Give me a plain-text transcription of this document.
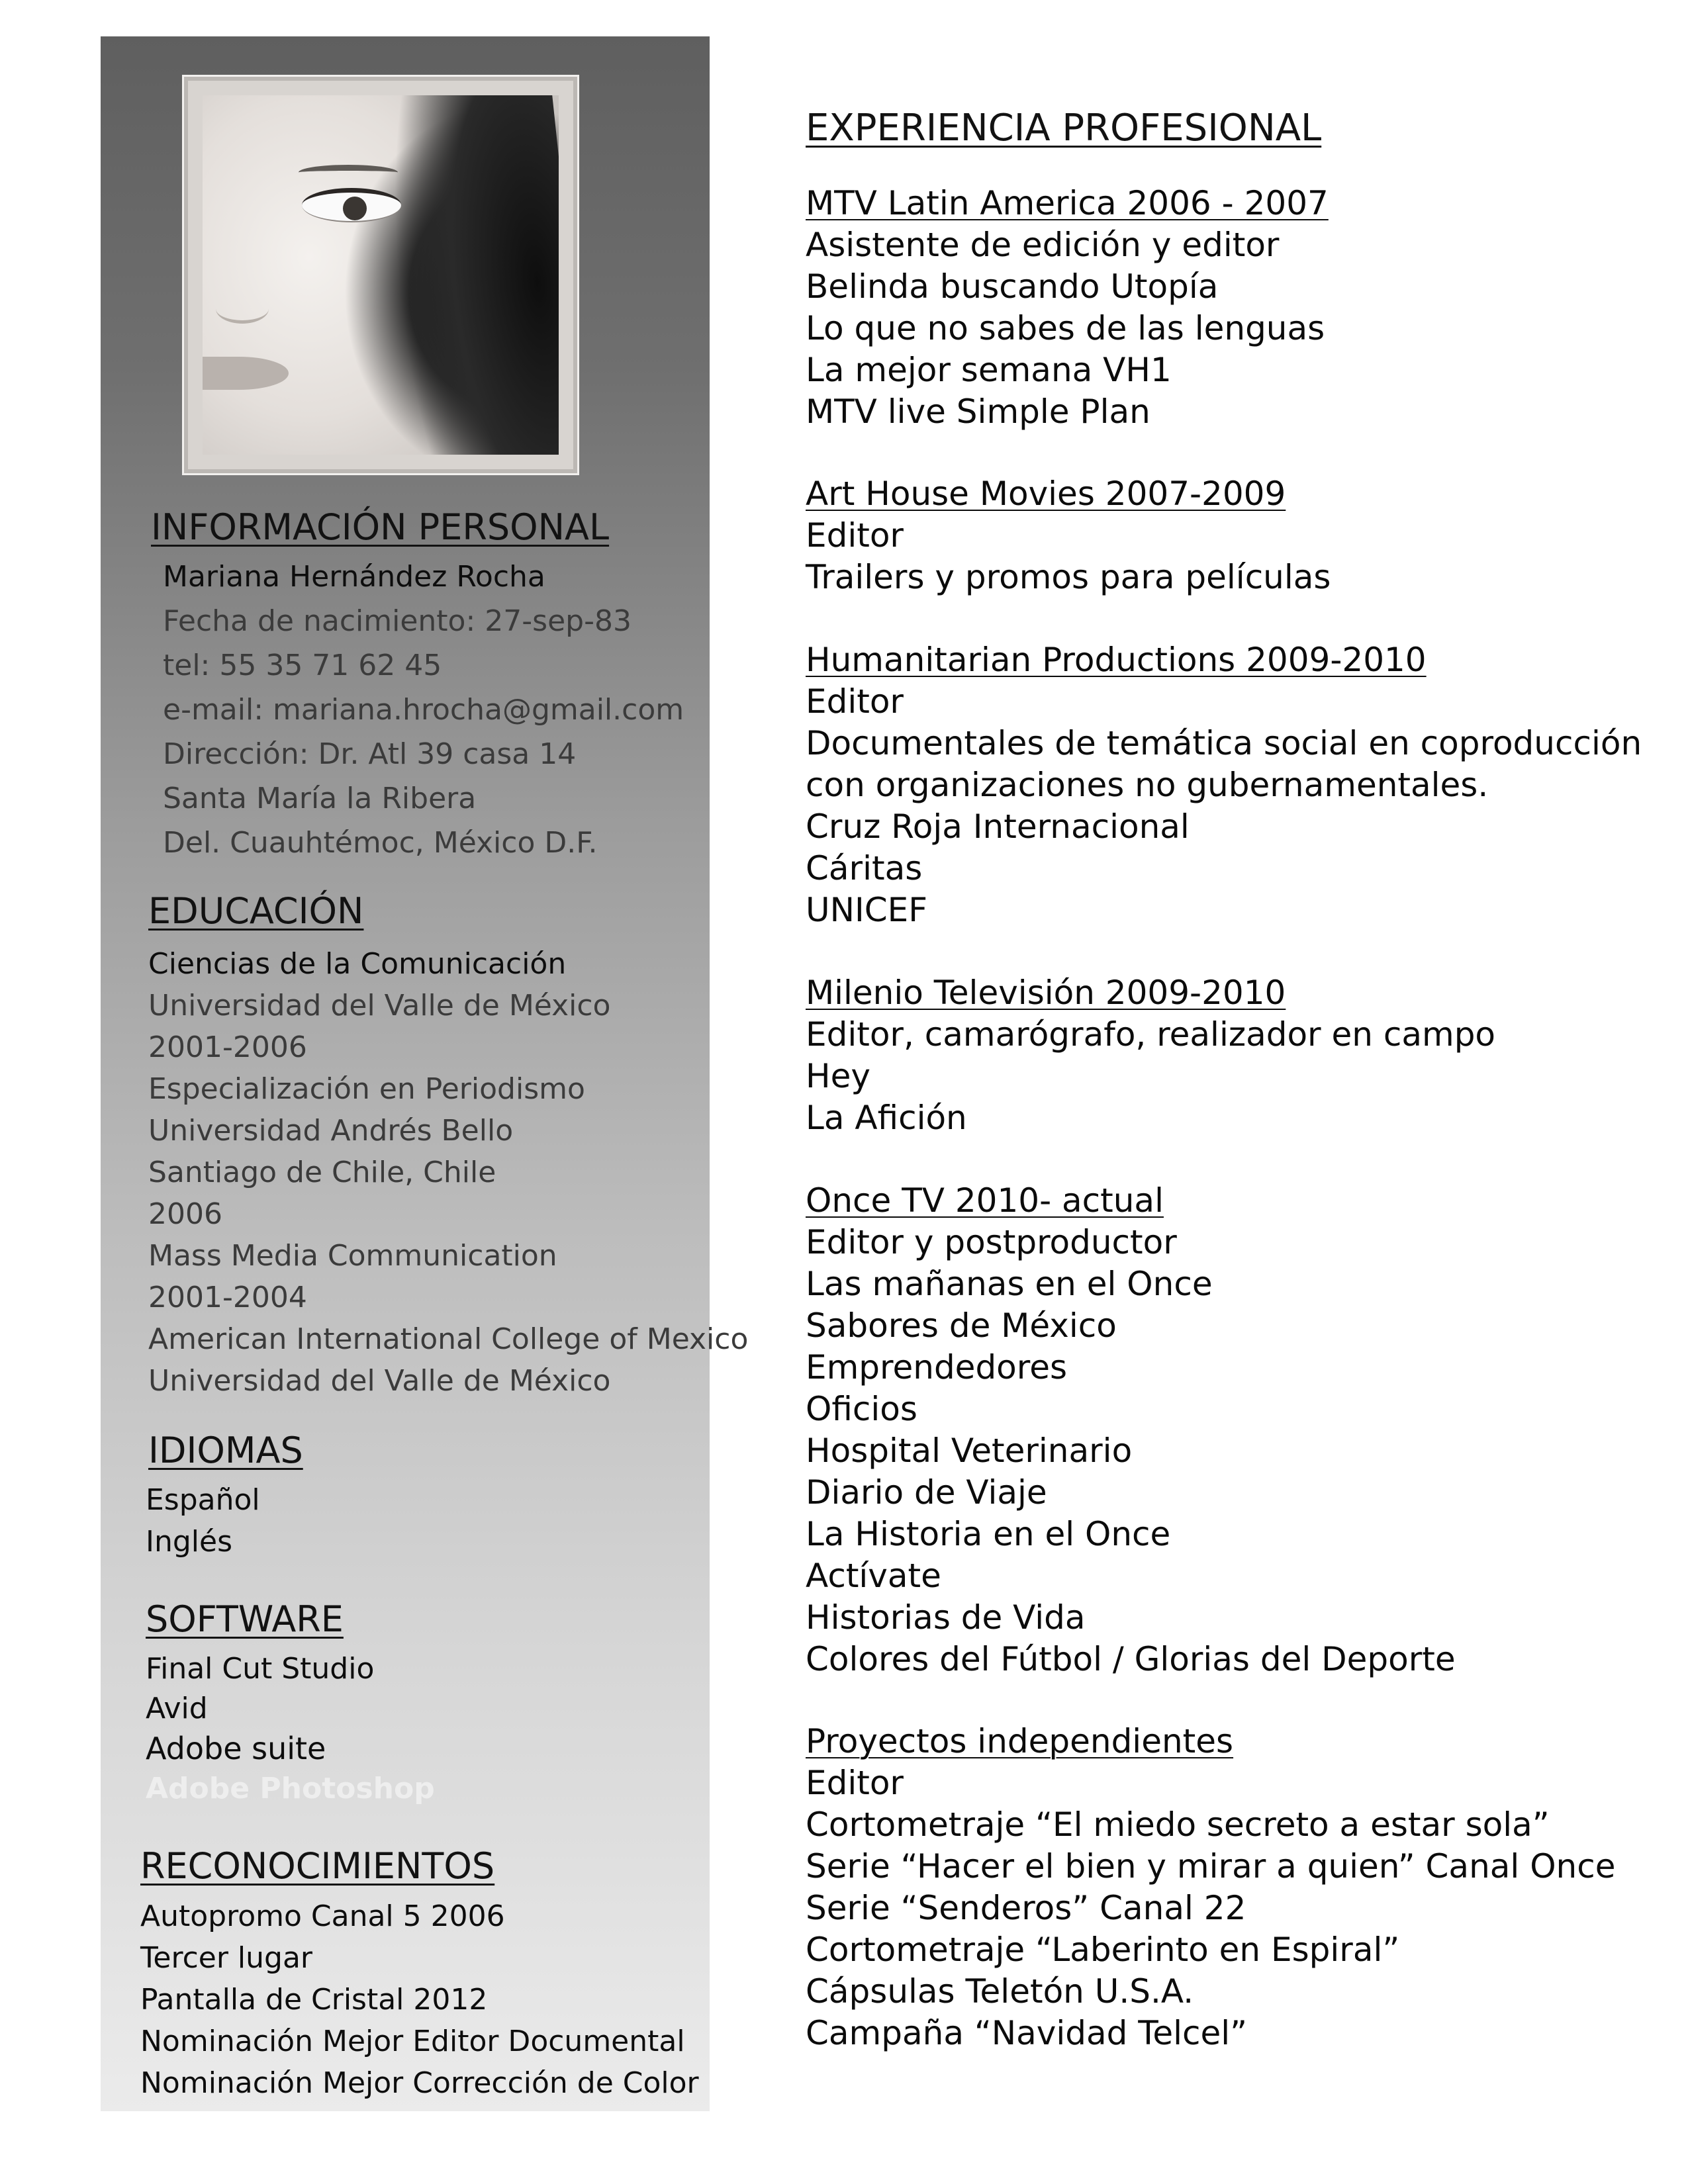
INFORMACIÓN PERSONAL
Mariana Hernández Rocha
Fecha de nacimiento: 27-sep-83
tel: 55 35 71 62 45
e-mail: mariana.hrocha@gmail.com
Dirección: Dr. Atl 39 casa 14
Santa María la Ribera
Del. Cuauhtémoc, México D.F.
EDUCACIÓN
Ciencias de la Comunicación
Universidad del Valle de México
2001-2006
Especialización en Periodismo
Universidad Andrés Bello
Santiago de Chile, Chile
2006
Mass Media Communication
2001-2004
American International College of Mexico
Universidad del Valle de México
IDIOMAS
Español
Inglés
SOFTWARE
Final Cut Studio
Avid
Adobe suite
Adobe Photoshop
RECONOCIMIENTOS
Autopromo Canal 5 2006
Tercer lugar
Pantalla de Cristal 2012
Nominación Mejor Editor Documental
Nominación Mejor Corrección de Color
EXPERIENCIA PROFESIONAL
MTV Latin America 2006 - 2007
Asistente de edición y editor
Belinda buscando Utopía
Lo que no sabes de las lenguas
La mejor semana VH1
MTV live Simple Plan
Art House Movies 2007-2009
Editor
Trailers y promos para películas
Humanitarian Productions 2009-2010
Editor
Documentales de temática social en coproducción
con organizaciones no gubernamentales.
Cruz Roja Internacional
Cáritas
UNICEF
Milenio Televisión 2009-2010
Editor, camarógrafo, realizador en campo
Hey
La Afición
Once TV 2010- actual
Editor y postproductor
Las mañanas en el Once
Sabores de México
Emprendedores
Oficios
Hospital Veterinario
Diario de Viaje
La Historia en el Once
Actívate
Historias de Vida
Colores del Fútbol / Glorias del Deporte
Proyectos independientes
Editor
Cortometraje “El miedo secreto a estar sola”
Serie “Hacer el bien y mirar a quien” Canal Once
Serie “Senderos” Canal 22
Cortometraje “Laberinto en Espiral”
Cápsulas Teletón U.S.A.
Campaña “Navidad Telcel”
